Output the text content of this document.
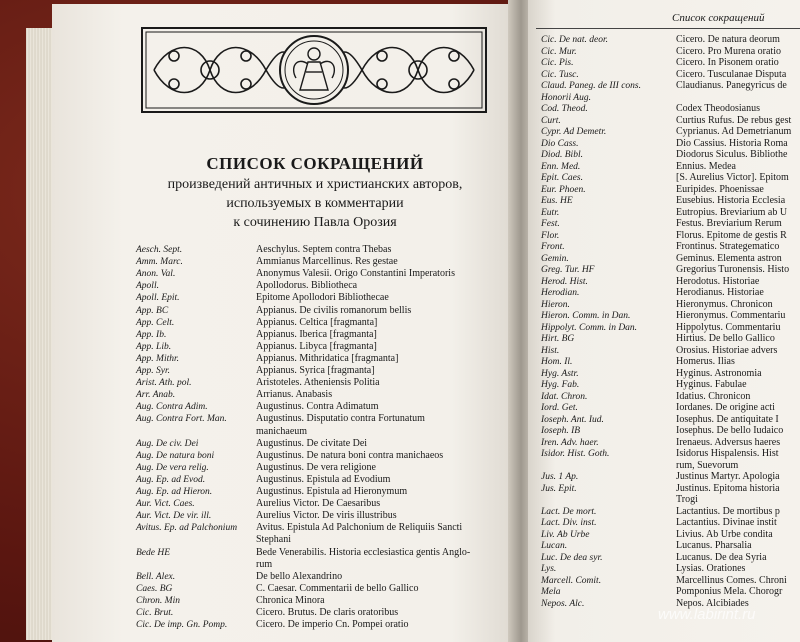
СПИСОК СОКРАЩЕНИЙ
произведений античных и христианских авторов,
используемых в комментарии
к сочинению Павла Орозия
Aesch. Sept.
Amm. Marc.
Anon. Val.
Apoll.
Apoll. Epit.
App. BC
App. Celt.
App. Ib.
App. Lib.
App. Mithr.
App. Syr.
Arist. Ath. pol.
Arr. Anab.
Aug. Contra Adim.
Aug. Contra Fort. Man.
Aug. De civ. Dei
Aug. De natura boni
Aug. De vera relig.
Aug. Ep. ad Evod.
Aug. Ep. ad Hieron.
Aur. Vict. Caes.
Aur. Vict. De vir. ill.
Avitus. Ep. ad Palchonium
Bede HE
Bell. Alex.
Caes. BG
Chron. Min
Cic. Brut.
Cic. De imp. Gn. Pomp.
Aeschylus. Septem contra Thebas
Ammianus Marcellinus. Res gestae
Anonymus Valesii. Origo Constantini Imperatoris
Apollodorus. Bibliotheca
Epitome Apollodori Bibliothecae
Appianus. De civilis romanorum bellis
Appianus. Celtica [fragmanta]
Appianus. Iberica [fragmanta]
Appianus. Libyca [fragmanta]
Appianus. Mithridatica [fragmanta]
Appianus. Syrica [fragmanta]
Aristoteles. Atheniensis Politia
Arrianus. Anabasis
Augustinus. Contra Adimatum
Augustinus. Disputatio contra Fortunatum
manichaeum
Augustinus. De civitate Dei
Augustinus. De natura boni contra manichaeos
Augustinus. De vera religione
Augustinus. Epistula ad Evodium
Augustinus. Epistula ad Hieronymum
Aurelius Victor. De Caesaribus
Aurelius Victor. De viris illustribus
Avitus. Epistula Ad Palchonium de Reliquiis Sancti
Stephani
Bede Venerabilis. Historia ecclesiastica gentis Anglo-
rum
De bello Alexandrino
C. Caesar. Commentarii de bello Gallico
Chronica Minora
Cicero. Brutus. De claris oratoribus
Cicero. De imperio Cn. Pompei oratio
Cic. De nat. deor.
Cic. Mur.
Cic. Pis.
Cic. Tusc.
Claud. Paneg. de III cons.
Honorii Aug.
Cod. Theod.
Curt.
Cypr. Ad Demetr.
Dio Cass.
Diod. Bibl.
Enn. Med.
Epit. Caes.
Eur. Phoen.
Eus. HE
Eutr.
Fest.
Flor.
Front.
Gemin.
Greg. Tur. HF
Herod. Hist.
Herodian.
Hieron.
Hieron. Comm. in Dan.
Hippolyt. Comm. in Dan.
Hirt. BG
Hist.
Hom. Il.
Hyg. Astr.
Hyg. Fab.
Idat. Chron.
Iord. Get.
Ioseph. Ant. Iud.
Ioseph. IB
Iren. Adv. haer.
Isidor. Hist. Goth.
Jus. 1 Ap.
Jus. Epit.
Lact. De mort.
Lact. Div. inst.
Liv. Ab Urbe
Lucan.
Luc. De dea syr.
Lys.
Marcell. Comit.
Mela
Nepos. Alc.
Cicero. De natura deorum
Cicero. Pro Murena oratio
Cicero. In Pisonem oratio
Cicero. Tusculanae Disputa
Claudianus. Panegyricus de
Codex Theodosianus
Curtius Rufus. De rebus gest
Cyprianus. Ad Demetrianum
Dio Cassius. Historia Roma
Diodorus Siculus. Bibliothe
Ennius. Medea
[S. Aurelius Victor]. Epitom
Euripides. Phoenissae
Eusebius. Historia Ecclesia
Eutropius. Breviarium ab U
Festus. Breviarium Rerum
Florus. Epitome de gestis R
Frontinus. Strategematico
Geminus. Elementa astron
Gregorius Turonensis. Histo
Herodotus. Historiae
Herodianus. Historiae
Hieronymus. Chronicon
Hieronymus. Commentariu
Hippolytus. Commentariu
Hirtius. De bello Gallico
Orosius. Historiae advers
Homerus. Ilias
Hyginus. Astronomia
Hyginus. Fabulae
Idatius. Chronicon
Iordanes. De origine acti
Iosephus. De antiquitate I
Iosephus. De bello Iudaico
Irenaeus. Adversus haeres
Isidorus Hispalensis. Hist
rum, Suevorum
Justinus Martyr. Apologia
Justinus. Epitoma historia
Trogi
Lactantius. De mortibus p
Lactantius. Divinae instit
Livius. Ab Urbe condita
Lucanus. Pharsalia
Lucanus. De dea Syria
Lysias. Orationes
Marcellinus Comes. Chroni
Pomponius Mela. Chorogr
Nepos. Alcibiades
Список сокращений
www.labirint.ru
